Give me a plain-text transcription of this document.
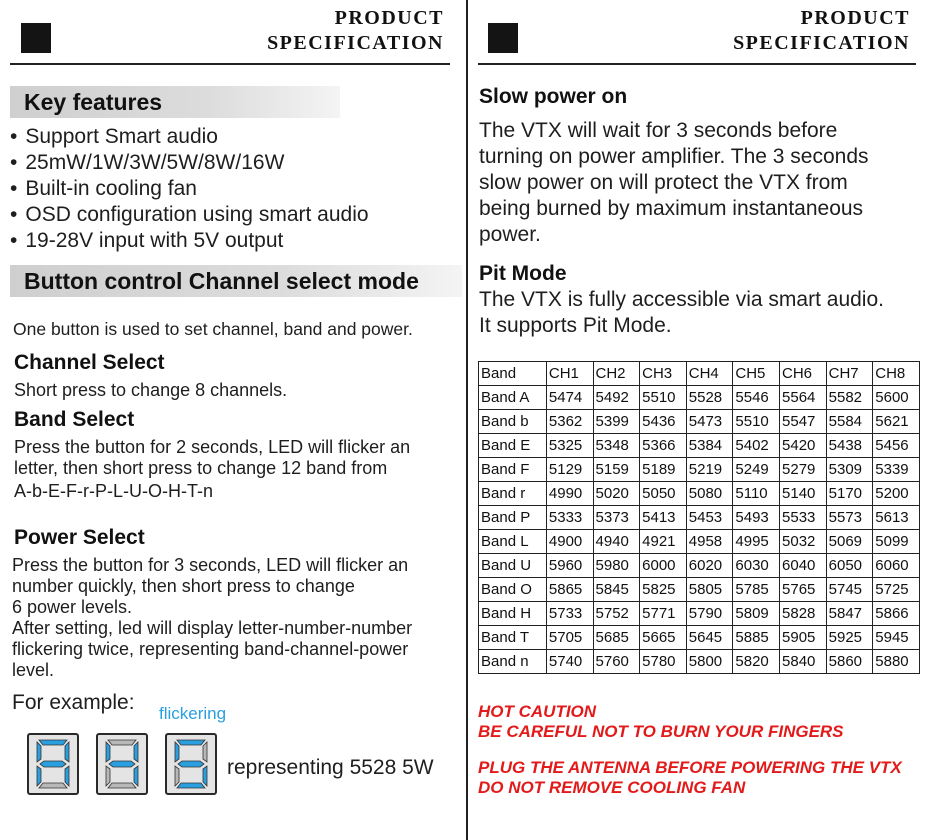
PRODUCT
SPECIFICATION
Key features
• Support Smart audio
• 25mW/1W/3W/5W/8W/16W
• Built-in cooling fan
• OSD configuration using smart audio
• 19-28V input with 5V output
Button control Channel select mode
One button is used to set channel, band and power.
Channel Select
Short press to change 8 channels.
Band Select
Press the button for 2 seconds, LED will flicker an
letter, then short press to change 12 band from
A-b-E-F-r-P-L-U-O-H-T-n
Power Select
Press the button for 3 seconds, LED will flicker an
number quickly, then short press to change
6 power levels.
After setting, led will display letter-number-number
flickering twice, representing band-channel-power
level.
For example: flickering
representing 5528 5W
PRODUCT
SPECIFICATION
Slow power on
The VTX will wait for 3 seconds before
turning on power amplifier. The 3 seconds
slow power on will protect the VTX from
being burned by maximum instantaneous
power.
Pit Mode
The VTX is fully accessible via smart audio.
It supports Pit Mode.
Band	CH1	CH2	CH3	CH4	CH5	CH6	CH7	CH8
Band A	5474	5492	5510	5528	5546	5564	5582	5600
Band b	5362	5399	5436	5473	5510	5547	5584	5621
Band E	5325	5348	5366	5384	5402	5420	5438	5456
Band F	5129	5159	5189	5219	5249	5279	5309	5339
Band r	4990	5020	5050	5080	5110	5140	5170	5200
Band P	5333	5373	5413	5453	5493	5533	5573	5613
Band L	4900	4940	4921	4958	4995	5032	5069	5099
Band U	5960	5980	6000	6020	6030	6040	6050	6060
Band O	5865	5845	5825	5805	5785	5765	5745	5725
Band H	5733	5752	5771	5790	5809	5828	5847	5866
Band T	5705	5685	5665	5645	5885	5905	5925	5945
Band n	5740	5760	5780	5800	5820	5840	5860	5880
HOT CAUTION
BE CAREFUL NOT TO BURN YOUR FINGERS
PLUG THE ANTENNA BEFORE POWERING THE VTX
DO NOT REMOVE COOLING FAN
